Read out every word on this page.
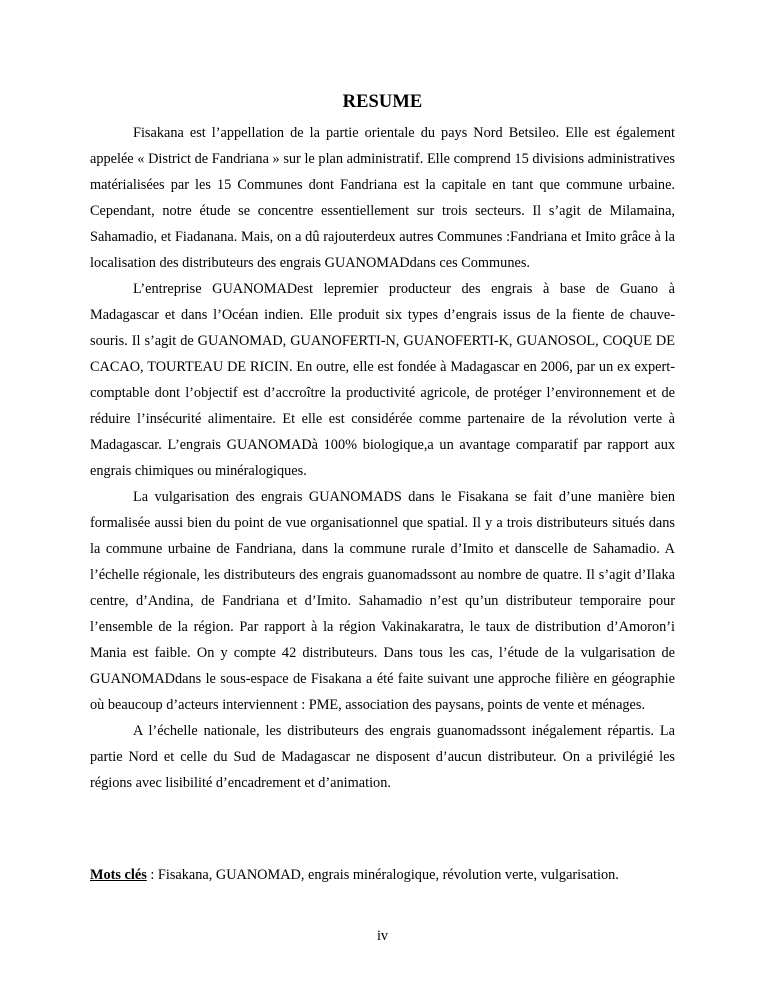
RESUME

Fisakana est l’appellation de la partie orientale du pays Nord Betsileo. Elle est également appelée « District de Fandriana » sur le plan administratif. Elle comprend 15 divisions administratives matérialisées par les 15 Communes dont Fandriana est la capitale en tant que commune urbaine. Cependant, notre étude se concentre essentiellement sur trois secteurs. Il s’agit de Milamaina, Sahamadio, et Fiadanana. Mais, on a dû rajouterdeux autres Communes :Fandriana et Imito grâce à la localisation des distributeurs des engrais GUANOMADdans ces Communes.

L’entreprise GUANOMADest lepremier producteur des engrais à base de Guano à Madagascar et dans l’Océan indien. Elle produit six types d’engrais issus de la fiente de chauve-souris. Il s’agit de GUANOMAD, GUANOFERTI-N, GUANOFERTI-K, GUANOSOL, COQUE DE CACAO, TOURTEAU DE RICIN. En outre, elle est fondée à Madagascar en 2006, par un ex expert-comptable dont l’objectif est d’accroître la productivité agricole, de protéger l’environnement et de réduire l’insécurité alimentaire. Et elle est considérée comme partenaire de la révolution verte à Madagascar. L’engrais GUANOMADà 100% biologique,a un avantage comparatif par rapport aux engrais chimiques ou minéralogiques.

La vulgarisation des engrais GUANOMADS dans le Fisakana se fait d’une manière bien formalisée aussi bien du point de vue organisationnel que spatial. Il y a trois distributeurs situés dans la commune urbaine de Fandriana, dans la commune rurale d’Imito et danscelle de Sahamadio. A l’échelle régionale, les distributeurs des engrais guanomadssont au nombre de quatre. Il s’agit d’Ilaka centre, d’Andina, de Fandriana et d’Imito. Sahamadio n’est qu’un distributeur temporaire pour l’ensemble de la région. Par rapport à la région Vakinakaratra, le taux de distribution d’Amoron’i Mania est faible. On y compte 42 distributeurs. Dans tous les cas, l’étude de la vulgarisation de GUANOMADdans le sous-espace de Fisakana a été faite suivant une approche filière en géographie où beaucoup d’acteurs interviennent : PME, association des paysans, points de vente et ménages.

A l’échelle nationale, les distributeurs des engrais guanomadssont inégalement répartis. La partie Nord et celle du Sud de Madagascar ne disposent d’aucun distributeur. On a privilégié les régions avec lisibilité d’encadrement et d’animation.

Mots clés : Fisakana, GUANOMAD, engrais minéralogique, révolution verte, vulgarisation.
iv
